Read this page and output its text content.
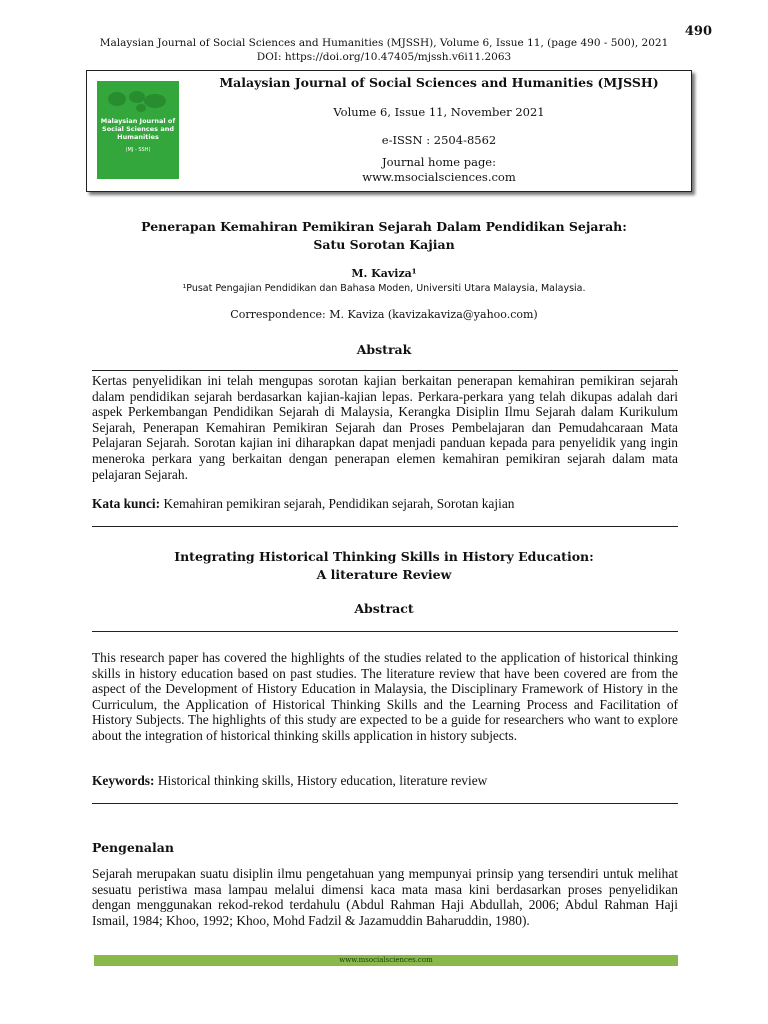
490
Malaysian Journal of Social Sciences and Humanities (MJSSH), Volume 6, Issue 11, (page 490 - 500), 2021
DOI: https://doi.org/10.47405/mjssh.v6i11.2063
Malaysian Journal of Social Sciences and Humanities
(MJ - SSH)
Malaysian Journal of Social Sciences and Humanities (MJSSH)
Volume 6, Issue 11, November 2021
e-ISSN : 2504-8562
Journal home page:
www.msocialsciences.com
Penerapan Kemahiran Pemikiran Sejarah Dalam Pendidikan Sejarah:
Satu Sorotan Kajian
M. Kaviza¹
¹Pusat Pengajian Pendidikan dan Bahasa Moden, Universiti Utara Malaysia, Malaysia.
Correspondence: M. Kaviza (kavizakaviza@yahoo.com)
Abstrak
Kertas penyelidikan ini telah mengupas sorotan kajian berkaitan penerapan kemahiran pemikiran sejarah dalam pendidikan sejarah berdasarkan kajian-kajian lepas. Perkara-perkara yang telah dikupas adalah dari aspek Perkembangan Pendidikan Sejarah di Malaysia, Kerangka Disiplin Ilmu Sejarah dalam Kurikulum Sejarah, Penerapan Kemahiran Pemikiran Sejarah dan Proses Pembelajaran dan Pemudahcaraan Mata Pelajaran Sejarah. Sorotan kajian ini diharapkan dapat menjadi panduan kepada para penyelidik yang ingin meneroka perkara yang berkaitan dengan penerapan elemen kemahiran pemikiran sejarah dalam mata pelajaran Sejarah.
Kata kunci: Kemahiran pemikiran sejarah, Pendidikan sejarah, Sorotan kajian
Integrating Historical Thinking Skills in History Education:
A literature Review
Abstract
This research paper has covered the highlights of the studies related to the application of historical thinking skills in history education based on past studies. The literature review that have been covered are from the aspect of the Development of History Education in Malaysia, the Disciplinary Framework of History in the Curriculum, the Application of Historical Thinking Skills and the Learning Process and Facilitation of History Subjects. The highlights of this study are expected to be a guide for researchers who want to explore about the integration of historical thinking skills application in history subjects.
Keywords: Historical thinking skills, History education, literature review
Pengenalan
Sejarah merupakan suatu disiplin ilmu pengetahuan yang mempunyai prinsip yang tersendiri untuk melihat sesuatu peristiwa masa lampau melalui dimensi kaca mata masa kini berdasarkan proses penyelidikan dengan menggunakan rekod-rekod terdahulu (Abdul Rahman Haji Abdullah, 2006; Abdul Rahman Haji Ismail, 1984; Khoo, 1992; Khoo, Mohd Fadzil & Jazamuddin Baharuddin, 1980).
www.msocialsciences.com
